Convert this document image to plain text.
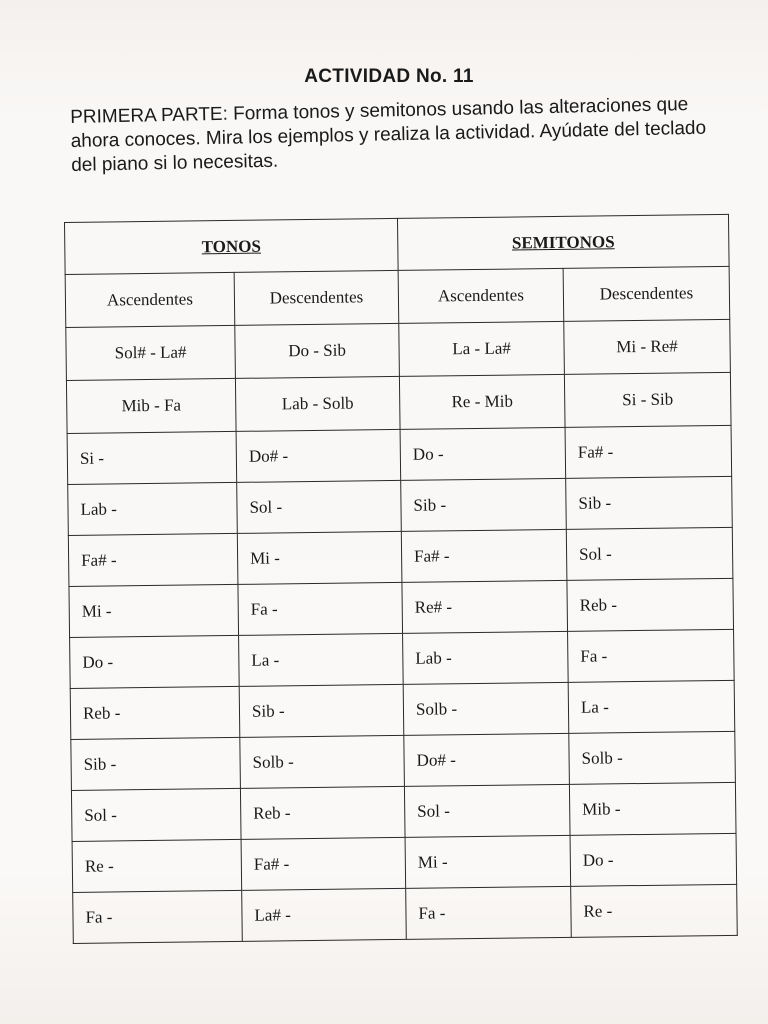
ACTIVIDAD No. 11
PRIMERA PARTE: Forma tonos y semitonos usando las alteraciones que ahora conoces. Mira los ejemplos y realiza la actividad. Ayúdate del teclado del piano si lo necesitas.
TONOS		SEMITONOS	
Ascendentes	Descendentes	Ascendentes	Descendentes
Sol# - La#	Do - Sib	La - La#	Mi - Re#
Mib - Fa	Lab - Solb	Re - Mib	Si - Sib
Si -	Do# -	Do -	Fa# -
Lab -	Sol -	Sib -	Sib -
Fa# -	Mi -	Fa# -	Sol -
Mi -	Fa -	Re# -	Reb -
Do -	La -	Lab -	Fa -
Reb -	Sib -	Solb -	La -
Sib -	Solb -	Do# -	Solb -
Sol -	Reb -	Sol -	Mib -
Re -	Fa# -	Mi -	Do -
Fa -	La# -	Fa -	Re -
